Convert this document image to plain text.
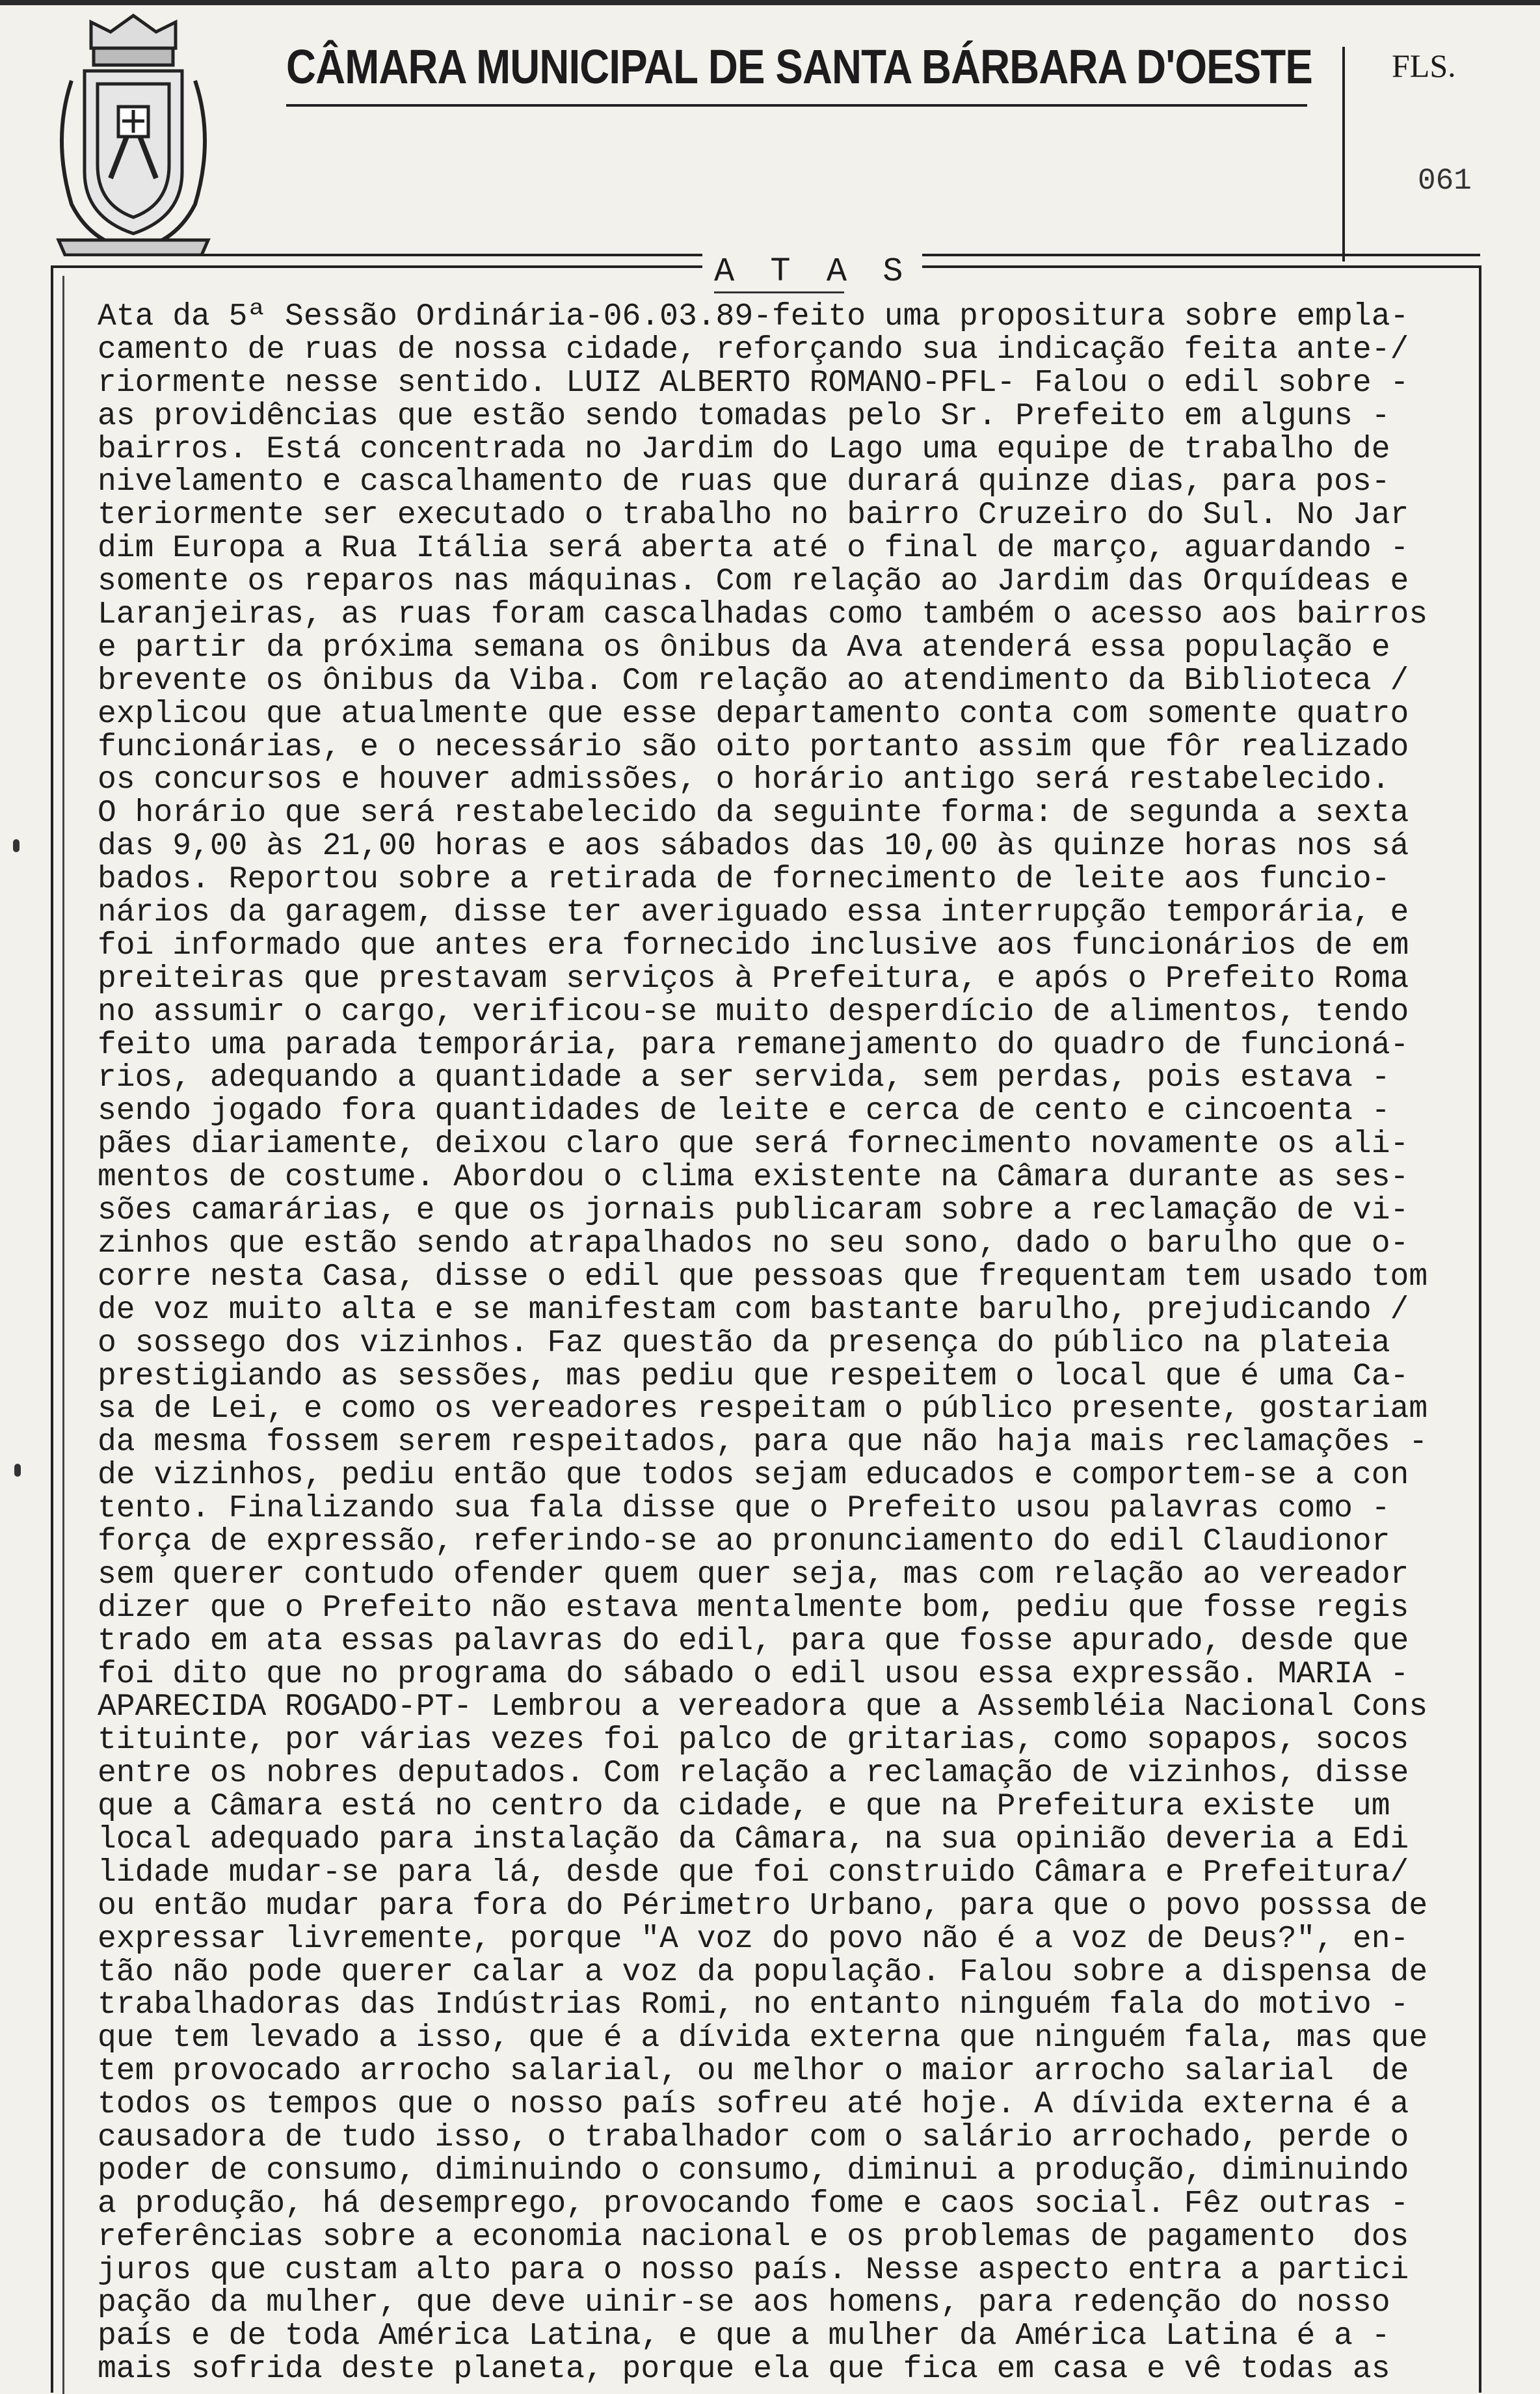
CÂMARA MUNICIPAL DE SANTA BÁRBARA D'OESTE FLS.
061
A T A S
Ata da 5ª Sessão Ordinária-06.03.89-feito uma propositura sobre empla-
camento de ruas de nossa cidade, reforçando sua indicação feita ante-/
riormente nesse sentido. LUIZ ALBERTO ROMANO-PFL- Falou o edil sobre -
as providências que estão sendo tomadas pelo Sr. Prefeito em alguns -
bairros. Está concentrada no Jardim do Lago uma equipe de trabalho de
nivelamento e cascalhamento de ruas que durará quinze dias, para pos-
teriormente ser executado o trabalho no bairro Cruzeiro do Sul. No Jar
dim Europa a Rua Itália será aberta até o final de março, aguardando -
somente os reparos nas máquinas. Com relação ao Jardim das Orquídeas e
Laranjeiras, as ruas foram cascalhadas como também o acesso aos bairros
e partir da próxima semana os ônibus da Ava atenderá essa população e
brevente os ônibus da Viba. Com relação ao atendimento da Biblioteca /
explicou que atualmente que esse departamento conta com somente quatro
funcionárias, e o necessário são oito portanto assim que fôr realizado
os concursos e houver admissões, o horário antigo será restabelecido.
O horário que será restabelecido da seguinte forma: de segunda a sexta
das 9,00 às 21,00 horas e aos sábados das 10,00 às quinze horas nos sá
bados. Reportou sobre a retirada de fornecimento de leite aos funcio-
nários da garagem, disse ter averiguado essa interrupção temporária, e
foi informado que antes era fornecido inclusive aos funcionários de em
preiteiras que prestavam serviços à Prefeitura, e após o Prefeito Roma
no assumir o cargo, verificou-se muito desperdício de alimentos, tendo
feito uma parada temporária, para remanejamento do quadro de funcioná-
rios, adequando a quantidade a ser servida, sem perdas, pois estava -
sendo jogado fora quantidades de leite e cerca de cento e cincoenta -
pães diariamente, deixou claro que será fornecimento novamente os ali-
mentos de costume. Abordou o clima existente na Câmara durante as ses-
sões camarárias, e que os jornais publicaram sobre a reclamação de vi-
zinhos que estão sendo atrapalhados no seu sono, dado o barulho que o-
corre nesta Casa, disse o edil que pessoas que frequentam tem usado tom
de voz muito alta e se manifestam com bastante barulho, prejudicando /
o sossego dos vizinhos. Faz questão da presença do público na plateia
prestigiando as sessões, mas pediu que respeitem o local que é uma Ca-
sa de Lei, e como os vereadores respeitam o público presente, gostariam
da mesma fossem serem respeitados, para que não haja mais reclamações -
de vizinhos, pediu então que todos sejam educados e comportem-se a con
tento. Finalizando sua fala disse que o Prefeito usou palavras como -
força de expressão, referindo-se ao pronunciamento do edil Claudionor
sem querer contudo ofender quem quer seja, mas com relação ao vereador
dizer que o Prefeito não estava mentalmente bom, pediu que fosse regis
trado em ata essas palavras do edil, para que fosse apurado, desde que
foi dito que no programa do sábado o edil usou essa expressão. MARIA -
APARECIDA ROGADO-PT- Lembrou a vereadora que a Assembléia Nacional Cons
tituinte, por várias vezes foi palco de gritarias, como sopapos, socos
entre os nobres deputados. Com relação a reclamação de vizinhos, disse
que a Câmara está no centro da cidade, e que na Prefeitura existe  um
local adequado para instalação da Câmara, na sua opinião deveria a Edi
lidade mudar-se para lá, desde que foi construido Câmara e Prefeitura/
ou então mudar para fora do Périmetro Urbano, para que o povo posssa de
expressar livremente, porque "A voz do povo não é a voz de Deus?", en-
tão não pode querer calar a voz da população. Falou sobre a dispensa de
trabalhadoras das Indústrias Romi, no entanto ninguém fala do motivo -
que tem levado a isso, que é a dívida externa que ninguém fala, mas que
tem provocado arrocho salarial, ou melhor o maior arrocho salarial  de
todos os tempos que o nosso país sofreu até hoje. A dívida externa é a
causadora de tudo isso, o trabalhador com o salário arrochado, perde o
poder de consumo, diminuindo o consumo, diminui a produção, diminuindo
a produção, há desemprego, provocando fome e caos social. Fêz outras -
referências sobre a economia nacional e os problemas de pagamento  dos
juros que custam alto para o nosso país. Nesse aspecto entra a partici
pação da mulher, que deve uinir-se aos homens, para redenção do nosso
país e de toda América Latina, e que a mulher da América Latina é a -
mais sofrida deste planeta, porque ela que fica em casa e vê todas as
